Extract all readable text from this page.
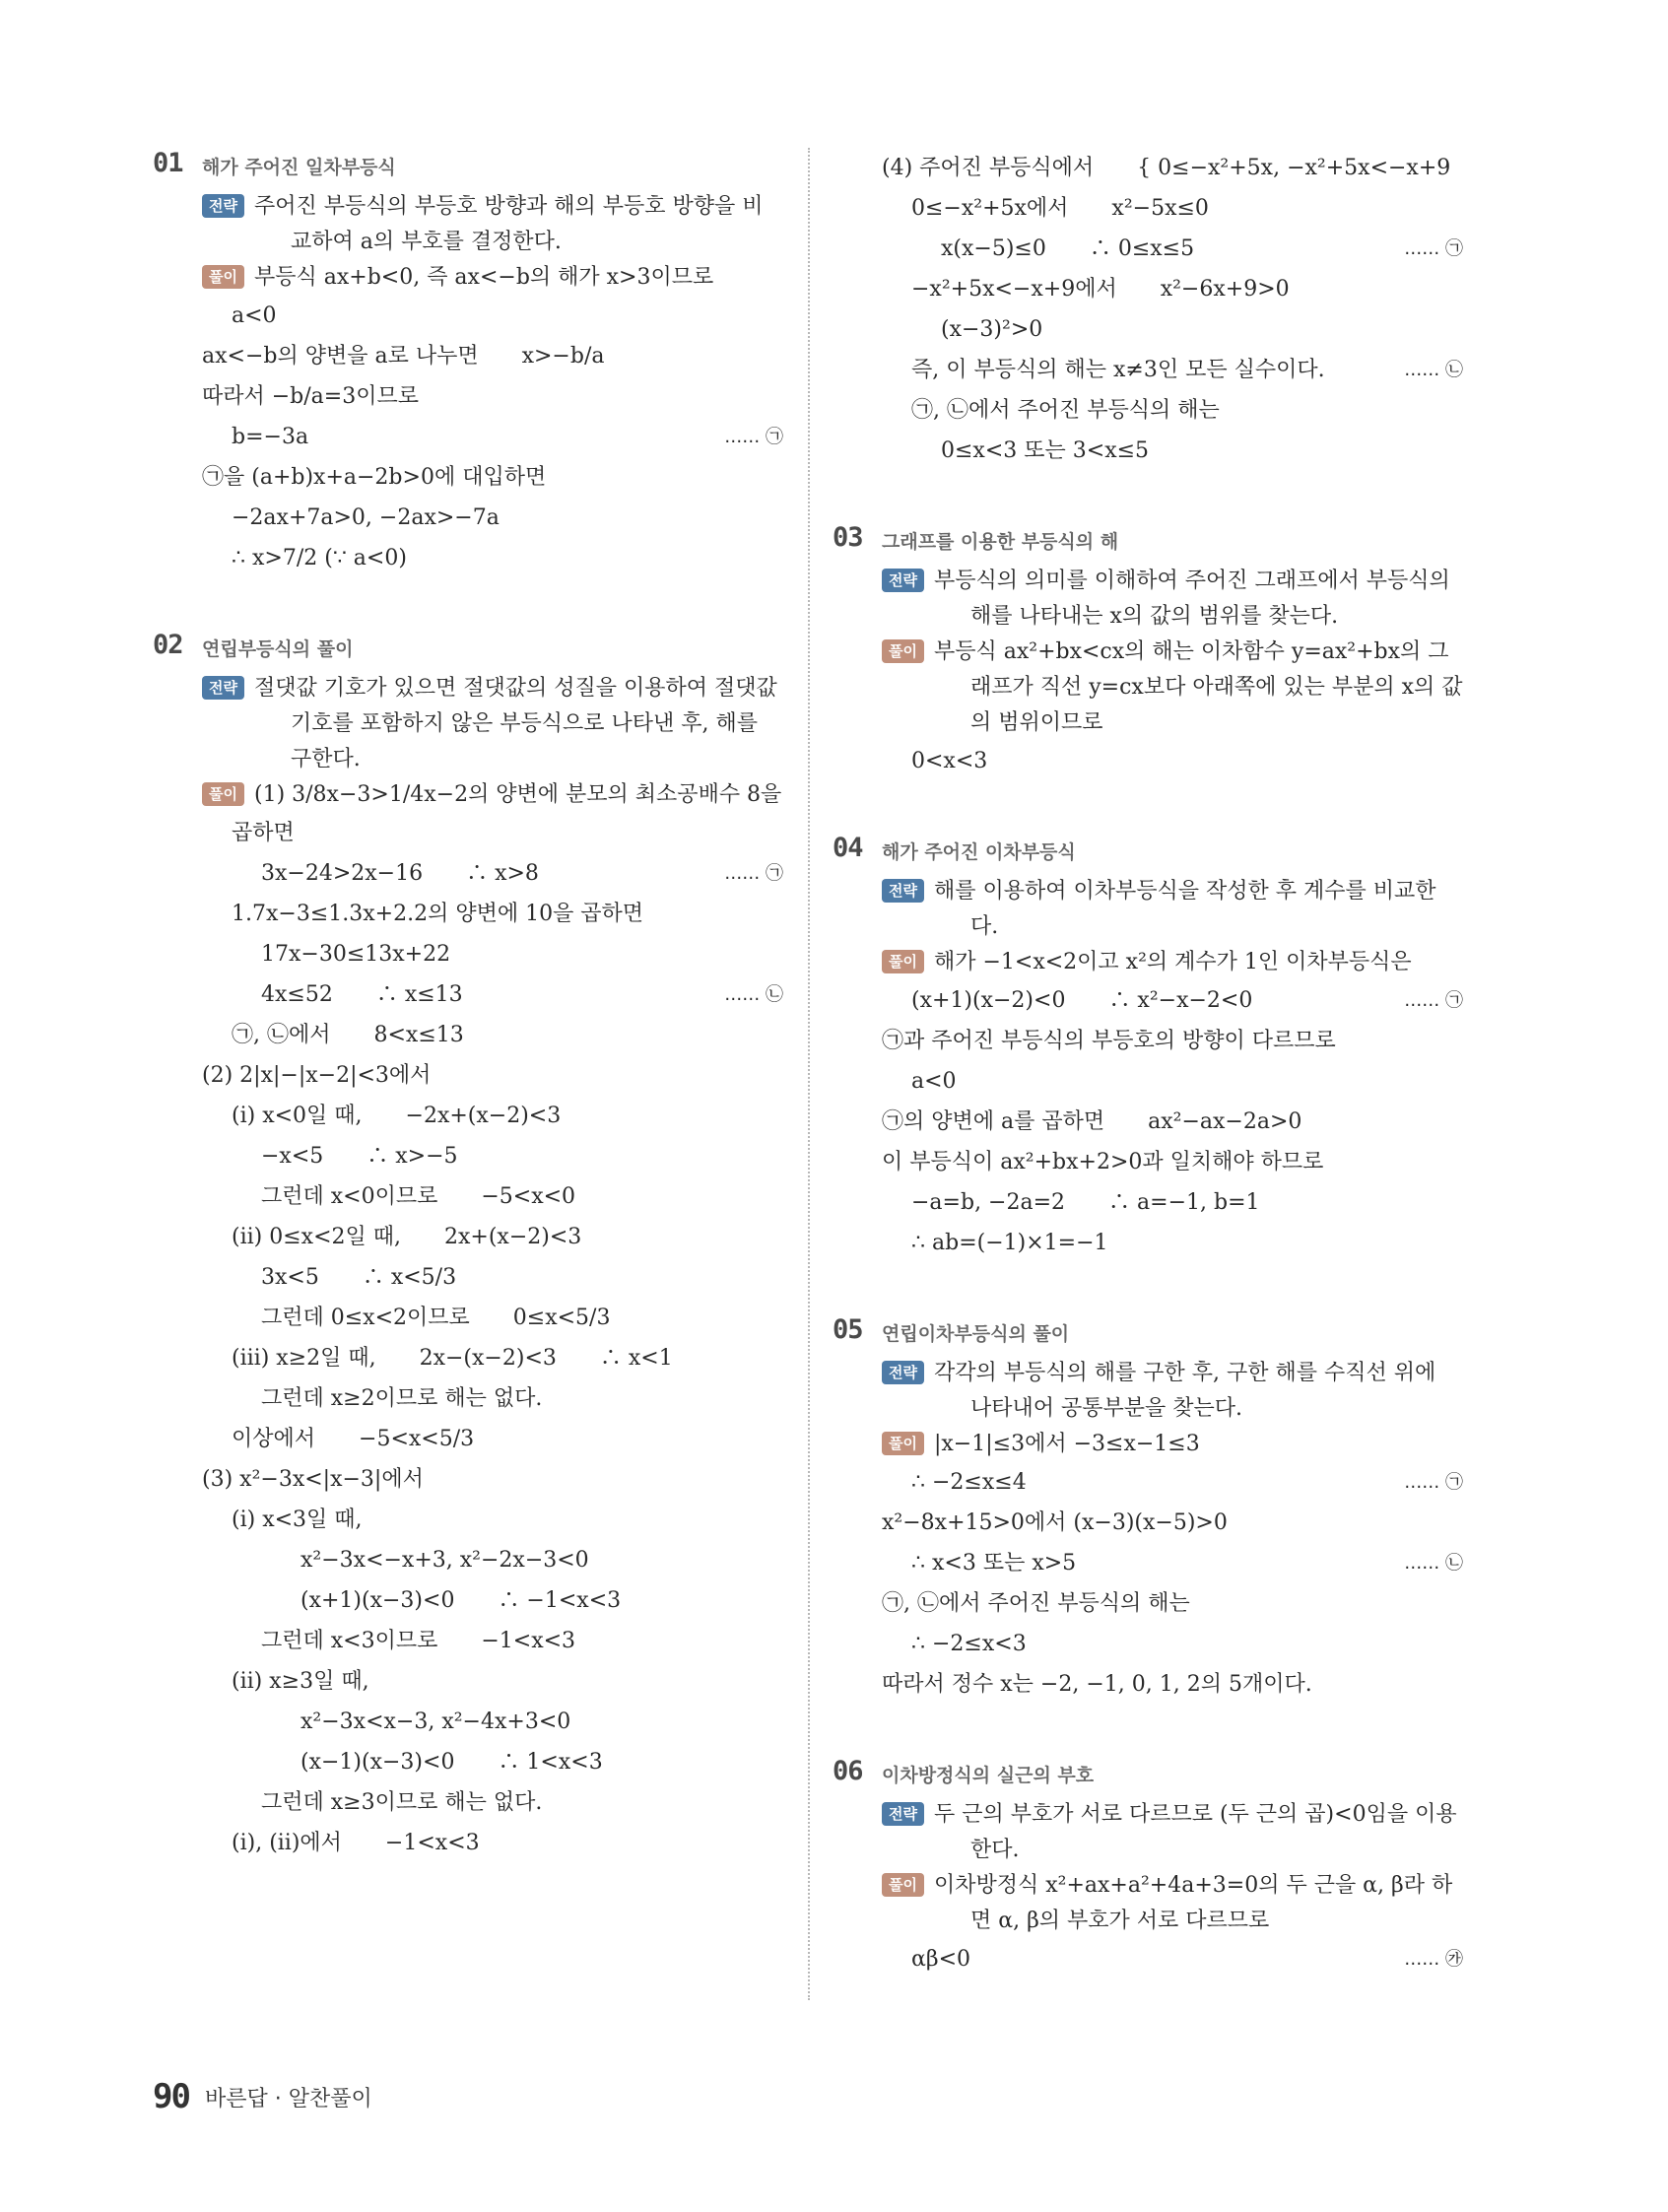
01 해가 주어진 일차부등식
전략 주어진 부등식의 부등호 방향과 해의 부등호 방향을 비교하여 a의 부호를 결정한다.
풀이 부등식 ax+b<0, 즉 ax<−b의 해가 x>3이므로
a<0
ax<−b의 양변을 a로 나누면　　x>−b/a
따라서 −b/a=3이므로
b=−3a	…… ㉠
㉠을 (a+b)x+a−2b>0에 대입하면
−2ax+7a>0, −2ax>−7a
∴ x>7/2 (∵ a<0)
02 연립부등식의 풀이
전략 절댓값 기호가 있으면 절댓값의 성질을 이용하여 절댓값 기호를 포함하지 않은 부등식으로 나타낸 후, 해를 구한다.
풀이 (1) 3/8x−3>1/4x−2의 양변에 분모의 최소공배수 8을
곱하면
3x−24>2x−16　　∴ x>8	…… ㉠
1.7x−3≤1.3x+2.2의 양변에 10을 곱하면
17x−30≤13x+22
4x≤52　　∴ x≤13	…… ㉡
㉠, ㉡에서　　8<x≤13
(2) 2|x|−|x−2|<3에서
(ⅰ) x<0일 때,　　−2x+(x−2)<3
−x<5　　∴ x>−5
그런데 x<0이므로　　−5<x<0
(ⅱ) 0≤x<2일 때,　　2x+(x−2)<3
3x<5　　∴ x<5/3
그런데 0≤x<2이므로　　0≤x<5/3
(ⅲ) x≥2일 때,　　2x−(x−2)<3　　∴ x<1
그런데 x≥2이므로 해는 없다.
이상에서　　−5<x<5/3
(3) x²−3x<|x−3|에서
(ⅰ) x<3일 때,
x²−3x<−x+3, x²−2x−3<0
(x+1)(x−3)<0　　∴ −1<x<3
그런데 x<3이므로　　−1<x<3
(ⅱ) x≥3일 때,
x²−3x<x−3, x²−4x+3<0
(x−1)(x−3)<0　　∴ 1<x<3
그런데 x≥3이므로 해는 없다.
(ⅰ), (ⅱ)에서　　−1<x<3
(4) 주어진 부등식에서　　{ 0≤−x²+5x, −x²+5x<−x+9
0≤−x²+5x에서　　x²−5x≤0
x(x−5)≤0　　∴ 0≤x≤5	…… ㉠
−x²+5x<−x+9에서　　x²−6x+9>0
(x−3)²>0
즉, 이 부등식의 해는 x≠3인 모든 실수이다.	…… ㉡
㉠, ㉡에서 주어진 부등식의 해는
0≤x<3 또는 3<x≤5
03 그래프를 이용한 부등식의 해
전략 부등식의 의미를 이해하여 주어진 그래프에서 부등식의 해를 나타내는 x의 값의 범위를 찾는다.
풀이 부등식 ax²+bx<cx의 해는 이차함수 y=ax²+bx의 그래프가 직선 y=cx보다 아래쪽에 있는 부분의 x의 값의 범위이므로
0<x<3
04 해가 주어진 이차부등식
전략 해를 이용하여 이차부등식을 작성한 후 계수를 비교한다.
풀이 해가 −1<x<2이고 x²의 계수가 1인 이차부등식은
(x+1)(x−2)<0　　∴ x²−x−2<0	…… ㉠
㉠과 주어진 부등식의 부등호의 방향이 다르므로
a<0
㉠의 양변에 a를 곱하면　　ax²−ax−2a>0
이 부등식이 ax²+bx+2>0과 일치해야 하므로
−a=b, −2a=2　　∴ a=−1, b=1
∴ ab=(−1)×1=−1
05 연립이차부등식의 풀이
전략 각각의 부등식의 해를 구한 후, 구한 해를 수직선 위에 나타내어 공통부분을 찾는다.
풀이 |x−1|≤3에서 −3≤x−1≤3
∴ −2≤x≤4	…… ㉠
x²−8x+15>0에서 (x−3)(x−5)>0
∴ x<3 또는 x>5	…… ㉡
㉠, ㉡에서 주어진 부등식의 해는
∴ −2≤x<3
따라서 정수 x는 −2, −1, 0, 1, 2의 5개이다.
06 이차방정식의 실근의 부호
전략 두 근의 부호가 서로 다르므로 (두 근의 곱)<0임을 이용한다.
풀이 이차방정식 x²+ax+a²+4a+3=0의 두 근을 α, β라 하면 α, β의 부호가 서로 다르므로
αβ<0	…… ㉮
90 바른답 · 알찬풀이
